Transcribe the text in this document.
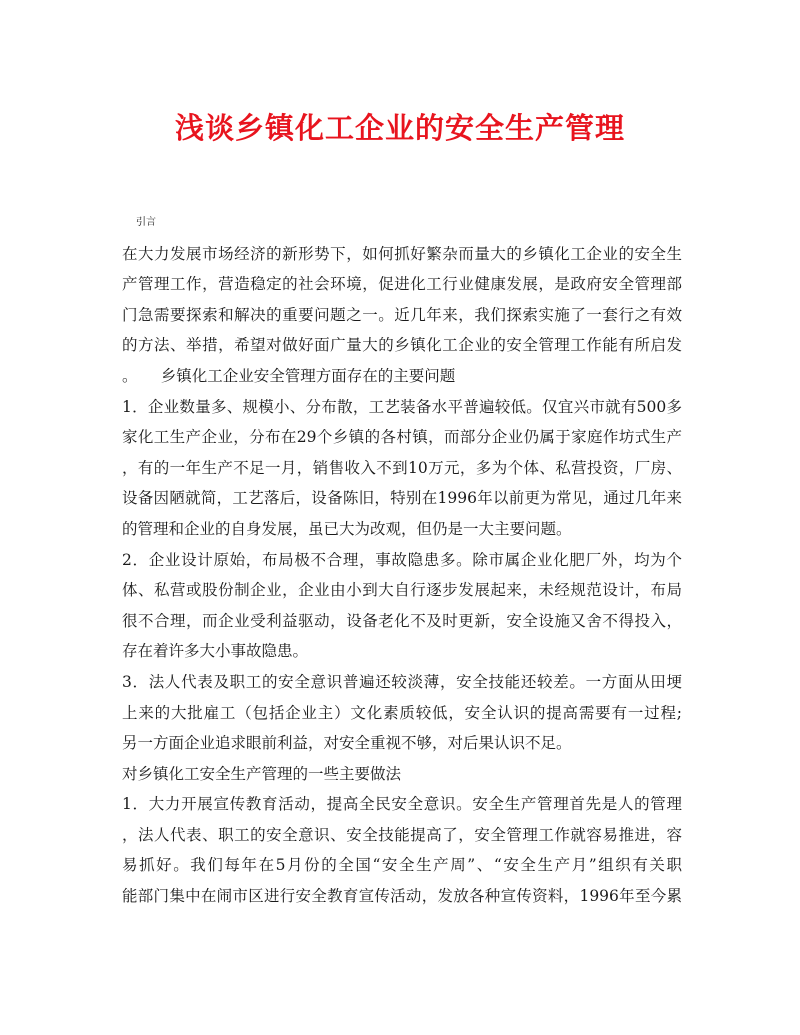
浅谈乡镇化工企业的安全生产管理
引言
在大力发展市场经济的新形势下，如何抓好繁杂而量大的乡镇化工企业的安全生
产管理工作，营造稳定的社会环境，促进化工行业健康发展，是政府安全管理部
门急需要探索和解决的重要问题之一。近几年来，我们探索实施了一套行之有效
的方法、举措，希望对做好面广量大的乡镇化工企业的安全管理工作能有所启发
。　　乡镇化工企业安全管理方面存在的主要问题
1．企业数量多、规模小、分布散，工艺装备水平普遍较低。仅宜兴市就有500多
家化工生产企业，分布在29个乡镇的各村镇，而部分企业仍属于家庭作坊式生产
，有的一年生产不足一月，销售收入不到10万元，多为个体、私营投资，厂房、
设备因陋就简，工艺落后，设备陈旧，特别在1996年以前更为常见，通过几年来
的管理和企业的自身发展，虽已大为改观，但仍是一大主要问题。
2．企业设计原始，布局极不合理，事故隐患多。除市属企业化肥厂外，均为个
体、私营或股份制企业，企业由小到大自行逐步发展起来，未经规范设计，布局
很不合理，而企业受利益驱动，设备老化不及时更新，安全设施又舍不得投入，
存在着许多大小事故隐患。
3．法人代表及职工的安全意识普遍还较淡薄，安全技能还较差。一方面从田埂
上来的大批雇工（包括企业主）文化素质较低，安全认识的提高需要有一过程;
另一方面企业追求眼前利益，对安全重视不够，对后果认识不足。
对乡镇化工安全生产管理的一些主要做法
1．大力开展宣传教育活动，提高全民安全意识。安全生产管理首先是人的管理
，法人代表、职工的安全意识、安全技能提高了，安全管理工作就容易推进，容
易抓好。我们每年在5月份的全国“安全生产周”、“安全生产月”组织有关职
能部门集中在闹市区进行安全教育宣传活动，发放各种宣传资料，1996年至今累
